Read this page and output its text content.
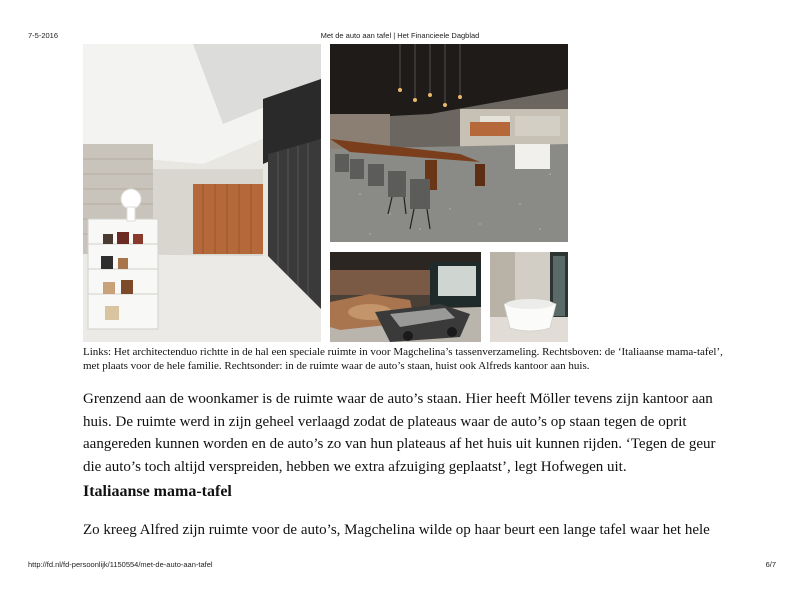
7-5-2016	Met de auto aan tafel | Het Financieele Dagblad
Links: Het architectenduo richtte in de hal een speciale ruimte in voor Magchelina’s tassenverzameling. Rechtsboven: de ‘Italiaanse mama-tafel’, met plaats voor de hele familie. Rechtsonder: in de ruimte waar de auto’s staan, huist ook Alfreds kantoor aan huis.

Grenzend aan de woonkamer is de ruimte waar de auto’s staan. Hier heeft Möller tevens zijn kantoor aan huis. De ruimte werd in zijn geheel verlaagd zodat de plateaus waar de auto’s op staan tegen de oprit aangereden kunnen worden en de auto’s zo van hun plateaus af het huis uit kunnen rijden. ‘Tegen de geur die auto’s toch altijd verspreiden, hebben we extra afzuiging geplaatst’, legt Hofwegen uit.

Italiaanse mama-tafel

Zo kreeg Alfred zijn ruimte voor de auto’s, Magchelina wilde op haar beurt een lange tafel waar het hele

http://fd.nl/fd-persoonlijk/1150554/met-de-auto-aan-tafel	6/7
